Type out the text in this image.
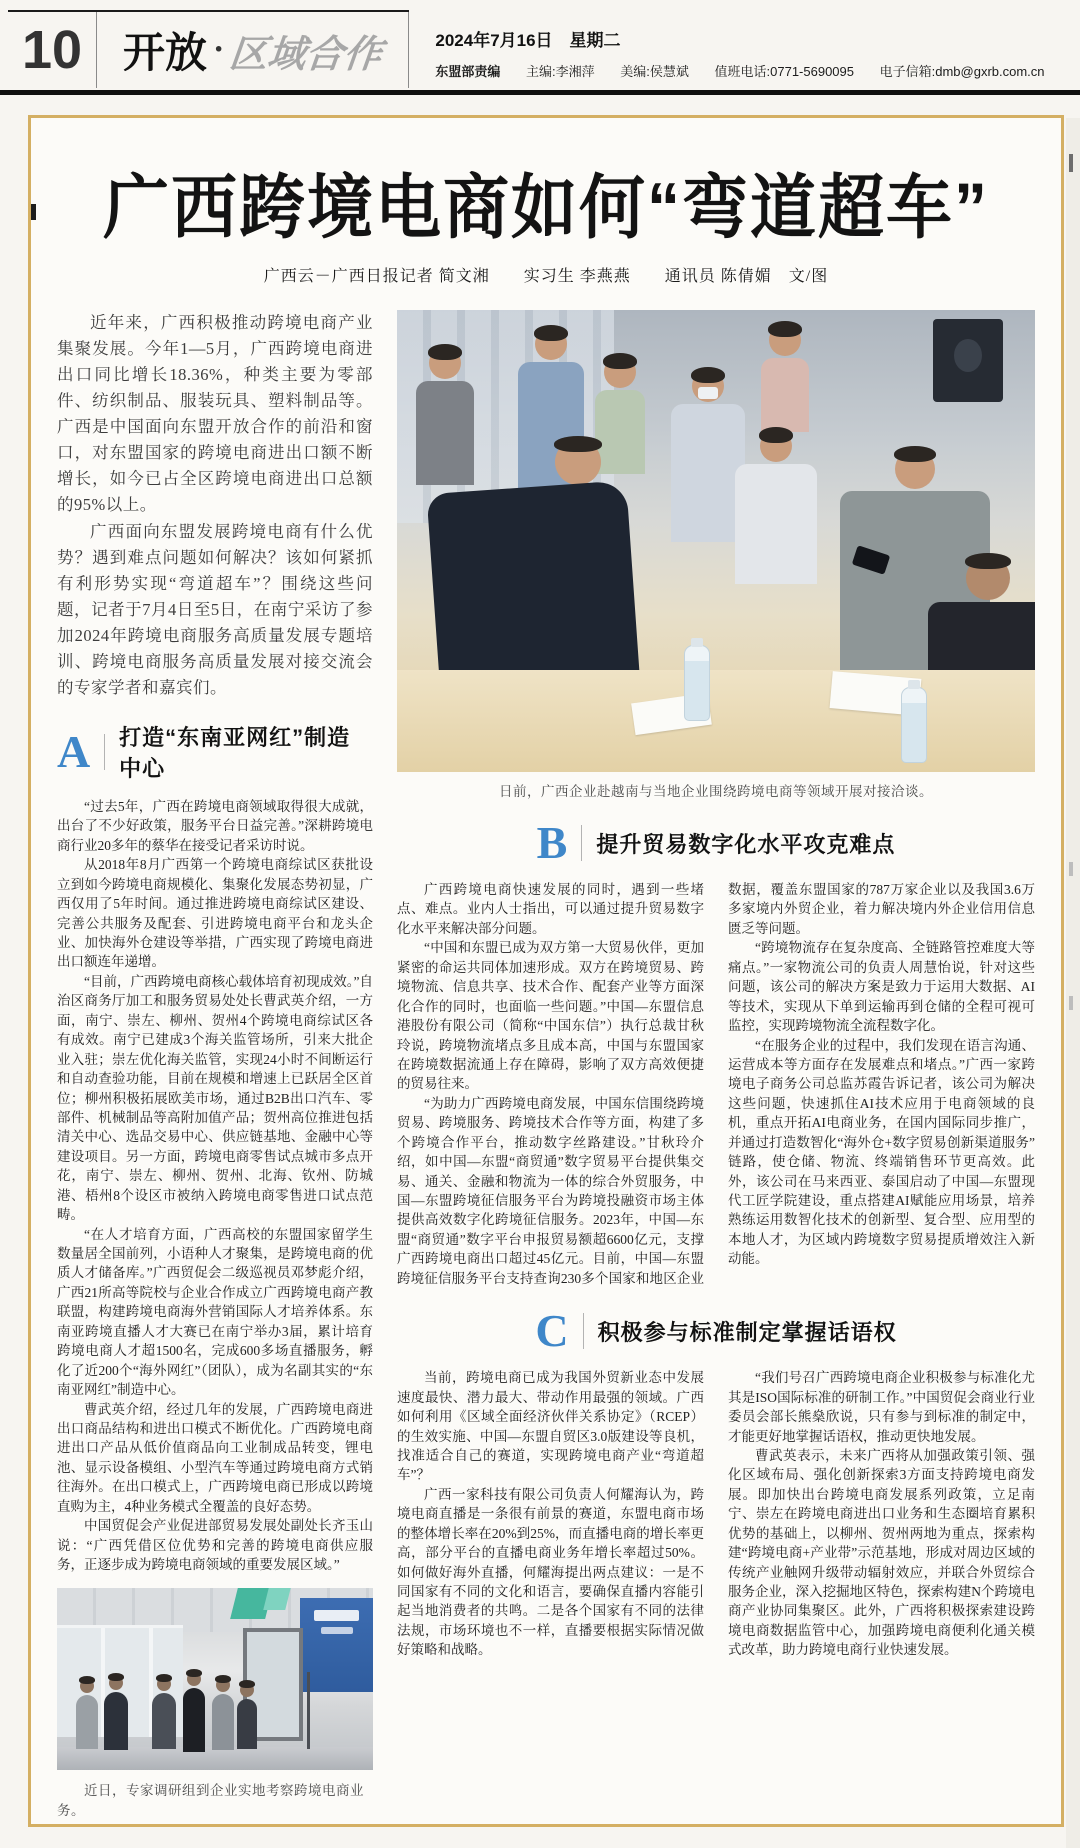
10 开放 · 区域合作	2024年7月16日　星期二
东盟部责编 主编:李湘萍 美编:侯慧斌 值班电话:0771-5690095 电子信箱:dmb@gxrb.com.cn
广西跨境电商如何“弯道超车”
广西云－广西日报记者 简文湘　　实习生 李燕燕　　通讯员 陈倩媚　文/图

近年来，广西积极推动跨境电商产业集聚发展。今年1—5月，广西跨境电商进出口同比增长18.36%，种类主要为零部件、纺织制品、服装玩具、塑料制品等。广西是中国面向东盟开放合作的前沿和窗口，对东盟国家的跨境电商进出口额不断增长，如今已占全区跨境电商进出口总额的95%以上。

广西面向东盟发展跨境电商有什么优势？遇到难点问题如何解决？该如何紧抓有利形势实现“弯道超车”？围绕这些问题，记者于7月4日至5日，在南宁采访了参加2024年跨境电商服务高质量发展专题培训、跨境电商服务高质量发展对接交流会的专家学者和嘉宾们。

A 打造“东南亚网红”制造中心

“过去5年，广西在跨境电商领域取得很大成就，出台了不少好政策，服务平台日益完善。”深耕跨境电商行业20多年的蔡华在接受记者采访时说。

从2018年8月广西第一个跨境电商综试区获批设立到如今跨境电商规模化、集聚化发展态势初显，广西仅用了5年时间。通过推进跨境电商综试区建设、完善公共服务及配套、引进跨境电商平台和龙头企业、加快海外仓建设等举措，广西实现了跨境电商进出口额连年递增。

“目前，广西跨境电商核心载体培育初现成效。”自治区商务厅加工和服务贸易处处长曹武英介绍，一方面，南宁、崇左、柳州、贺州4个跨境电商综试区各有成效。南宁已建成3个海关监管场所，引来大批企业入驻；崇左优化海关监管，实现24小时不间断运行和自动查验功能，目前在规模和增速上已跃居全区首位；柳州积极拓展欧美市场，通过B2B出口汽车、零部件、机械制品等高附加值产品；贺州高位推进包括清关中心、选品交易中心、供应链基地、金融中心等建设项目。另一方面，跨境电商零售试点城市多点开花，南宁、崇左、柳州、贺州、北海、钦州、防城港、梧州8个设区市被纳入跨境电商零售进口试点范畴。

“在人才培育方面，广西高校的东盟国家留学生数量居全国前列，小语种人才聚集，是跨境电商的优质人才储备库。”广西贸促会二级巡视员邓梦彪介绍，广西21所高等院校与企业合作成立广西跨境电商产教联盟，构建跨境电商海外营销国际人才培养体系。东南亚跨境直播人才大赛已在南宁举办3届，累计培育跨境电商人才超1500名，完成600多场直播服务，孵化了近200个“海外网红”（团队），成为名副其实的“东南亚网红”制造中心。

曹武英介绍，经过几年的发展，广西跨境电商进出口商品结构和进出口模式不断优化。广西跨境电商进出口产品从低价值商品向工业制成品转变，锂电池、显示设备模组、小型汽车等通过跨境电商方式销往海外。在出口模式上，广西跨境电商已形成以跨境直购为主，4种业务模式全覆盖的良好态势。

中国贸促会产业促进部贸易发展处副处长齐玉山说：“广西凭借区位优势和完善的跨境电商供应服务，正逐步成为跨境电商领域的重要发展区域。”

近日，专家调研组到企业实地考察跨境电商业务。
日前，广西企业赴越南与当地企业围绕跨境电商等领域开展对接洽谈。
B 提升贸易数字化水平攻克难点

广西跨境电商快速发展的同时，遇到一些堵点、难点。业内人士指出，可以通过提升贸易数字化水平来解决部分问题。

“中国和东盟已成为双方第一大贸易伙伴，更加紧密的命运共同体加速形成。双方在跨境贸易、跨境物流、信息共享、技术合作、配套产业等方面深化合作的同时，也面临一些问题。”中国—东盟信息港股份有限公司（简称“中国东信”）执行总裁甘秋玲说，跨境物流堵点多且成本高，中国与东盟国家在跨境数据流通上存在障碍，影响了双方高效便捷的贸易往来。

“为助力广西跨境电商发展，中国东信围绕跨境贸易、跨境服务、跨境技术合作等方面，构建了多个跨境合作平台，推动数字丝路建设。”甘秋玲介绍，如中国—东盟“商贸通”数字贸易平台提供集交易、通关、金融和物流为一体的综合外贸服务，中国—东盟跨境征信服务平台为跨境投融资市场主体提供高效数字化跨境征信服务。2023年，中国—东盟“商贸通”数字平台申报贸易额超6600亿元，支撑广西跨境电商出口超过45亿元。目前，中国—东盟跨境征信服务平台支持查询230多个国家和地区企业数据，覆盖东盟国家的787万家企业以及我国3.6万多家境内外贸企业，着力解决境内外企业信用信息匮乏等问题。

“跨境物流存在复杂度高、全链路管控难度大等痛点。”一家物流公司的负责人周慧怡说，针对这些问题，该公司的解决方案是致力于运用大数据、AI等技术，实现从下单到运输再到仓储的全程可视可监控，实现跨境物流全流程数字化。

“在服务企业的过程中，我们发现在语言沟通、运营成本等方面存在发展难点和堵点。”广西一家跨境电子商务公司总监苏霞告诉记者，该公司为解决这些问题，快速抓住AI技术应用于电商领域的良机，重点开拓AI电商业务，在国内国际同步推广，并通过打造数智化“海外仓+数字贸易创新渠道服务”链路，使仓储、物流、终端销售环节更高效。此外，该公司在马来西亚、泰国启动了中国—东盟现代工匠学院建设，重点搭建AI赋能应用场景，培养熟练运用数智化技术的创新型、复合型、应用型的本地人才，为区域内跨境数字贸易提质增效注入新动能。

C 积极参与标准制定掌握话语权

当前，跨境电商已成为我国外贸新业态中发展速度最快、潜力最大、带动作用最强的领域。广西如何利用《区域全面经济伙伴关系协定》（RCEP）的生效实施、中国—东盟自贸区3.0版建设等良机，找准适合自己的赛道，实现跨境电商产业“弯道超车”？

广西一家科技有限公司负责人何耀海认为，跨境电商直播是一条很有前景的赛道，东盟电商市场的整体增长率在20%到25%，而直播电商的增长率更高，部分平台的直播电商业务年增长率超过50%。如何做好海外直播，何耀海提出两点建议：一是不同国家有不同的文化和语言，要确保直播内容能引起当地消费者的共鸣。二是各个国家有不同的法律法规，市场环境也不一样，直播要根据实际情况做好策略和战略。

“我们号召广西跨境电商企业积极参与标准化尤其是ISO国际标准的研制工作。”中国贸促会商业行业委员会部长熊燊欣说，只有参与到标准的制定中，才能更好地掌握话语权，推动更快地发展。

曹武英表示，未来广西将从加强政策引领、强化区域布局、强化创新探索3方面支持跨境电商发展。即加快出台跨境电商发展系列政策，立足南宁、崇左在跨境电商进出口业务和生态圈培育累积优势的基础上，以柳州、贺州两地为重点，探索构建“跨境电商+产业带”示范基地，形成对周边区域的传统产业触网升级带动辐射效应，并联合外贸综合服务企业，深入挖掘地区特色，探索构建N个跨境电商产业协同集聚区。此外，广西将积极探索建设跨境电商数据监管中心，加强跨境电商便利化通关模式改革，助力跨境电商行业快速发展。
